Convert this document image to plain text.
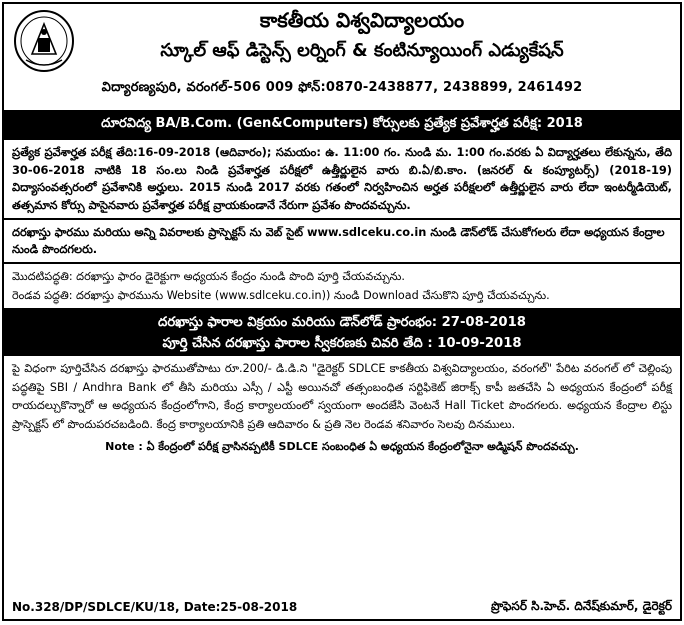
కాకతీయ విశ్వవిద్యాలయం
స్కూల్ ఆఫ్ డిస్టెన్స్ లర్నింగ్ & కంటిన్యూయింగ్ ఎడ్యుకేషన్
విద్యారణ్యపురి, వరంగల్-506 009 ఫోన్:0870-2438877, 2438899, 2461492
దూరవిద్య BA/B.Com. (Gen&Computers) కోర్సులకు ప్రత్యేక ప్రవేశార్హత పరీక్ష: 2018
ప్రత్యేక ప్రవేశార్హత పరీక్ష తేది:16-09-2018 (ఆదివారం); సమయం: ఉ. 11:00 గం. నుండి మ. 1:00 గం.వరకు ఏ విద్యార్హతలు లేకున్నను, తేది 30-06-2018 నాటికి 18 సం.లు నిండి ప్రవేశార్హత పరీక్షలో ఉత్తీర్ణులైన వారు బి.ఏ/బి.కాం. (జనరల్ & కంప్యూటర్స్) (2018-19) విద్యాసంవత్సరంలో ప్రవేశానికి అర్హులు. 2015 నుండి 2017 వరకు గతంలో నిర్వహించిన అర్హత పరీక్షలలో ఉత్తీర్ణులైన వారు లేదా ఇంటర్మీడియెట్, తత్సమాన కోర్సు పాసైనవారు ప్రవేశార్హత పరీక్ష వ్రాయకుండానే నేరుగా ప్రవేశం పొందవచ్చును.
దరఖాస్తు ఫారము మరియు అన్ని వివరాలకు ప్రాస్పెక్టస్ ను వెబ్ సైట్ www.sdlceku.co.in నుండి డౌన్‌లోడ్ చేసుకోగలరు లేదా అధ్యయన కేంద్రాల నుండి పొందగలరు.
మొదటిపద్ధతి: దరఖాస్తు ఫారం డైరెక్టుగా అధ్యయన కేంద్రం నుండి పొంది పూర్తి చేయవచ్చును.
రెండవ పద్ధతి: దరఖాస్తు ఫారమును Website (www.sdlceku.co.in)) నుండి Download చేసుకొని పూర్తి చేయవచ్చును.
దరఖాస్తు ఫారాల విక్రయం మరియు డౌన్‌లోడ్ ప్రారంభం: 27-08-2018
పూర్తి చేసిన దరఖాస్తు ఫారాల స్వీకరణకు చివరి తేది : 10-09-2018
పై విధంగా పూర్తిచేసిన దరఖాస్తు ఫారముతోపాటు రూ.200/- డి.డి.ని "డైరెక్టర్ SDLCE కాకతీయ విశ్వవిద్యాలయం, వరంగల్" పేరిట వరంగల్ లో చెల్లింపు పద్ధతిపై SBI / Andhra Bank లో తీసి మరియు ఎస్సీ / ఎస్టీ అయినచో తత్సంబంధిత సర్టిఫికెట్ జిరాక్స్ కాపీ జతచేసి ఏ అధ్యయన కేంద్రంలో పరీక్ష రాయదల్చుకొన్నారో ఆ అధ్యయన కేంద్రంలోగాని, కేంద్ర కార్యాలయంలో స్వయంగా అందజేసి వెంటనే Hall Ticket పొందగలరు. అధ్యయన కేంద్రాల లిస్టు ప్రాస్పెక్టస్ లో పొందుపరచబడింది. కేంద్ర కార్యాలయానికి ప్రతి ఆదివారం & ప్రతి నెల రెండవ శనివారం సెలవు దినములు.
Note : ఏ కేంద్రంలో పరీక్ష వ్రాసినప్పటికీ SDLCE సంబంధిత ఏ అధ్యయన కేంద్రంలోనైనా అడ్మిషన్ పొందవచ్చు.
No.328/DP/SDLCE/KU/18, Date:25-08-2018	ప్రొఫెసర్ సి.హెచ్. దినేష్‌కుమార్, డైరెక్టర్
